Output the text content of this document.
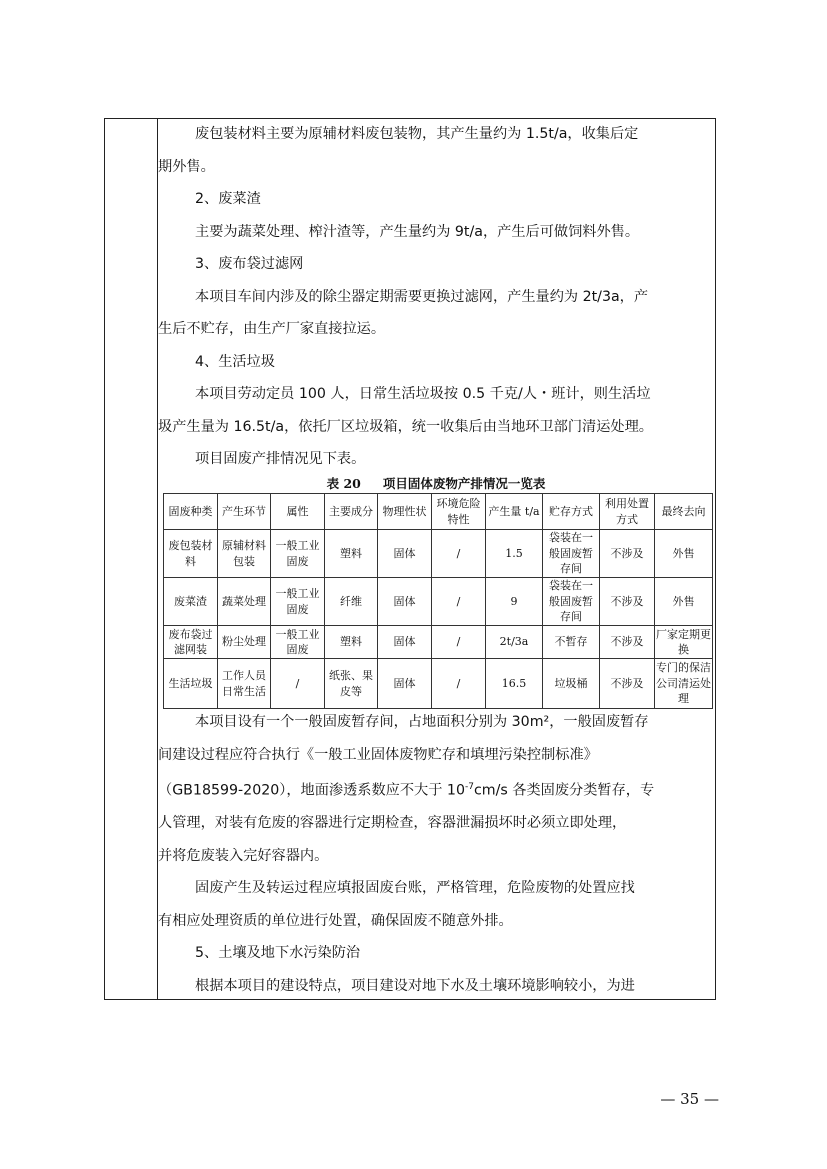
废包装材料主要为原辅材料废包装物，其产生量约为 1.5t/a，收集后定

期外售。

2、废菜渣

主要为蔬菜处理、榨汁渣等，产生量约为 9t/a，产生后可做饲料外售。

3、废布袋过滤网

本项目车间内涉及的除尘器定期需要更换过滤网，产生量约为 2t/3a，产

生后不贮存，由生产厂家直接拉运。

4、生活垃圾

本项目劳动定员 100 人，日常生活垃圾按 0.5 千克/人・班计，则生活垃

圾产生量为 16.5t/a，依托厂区垃圾箱，统一收集后由当地环卫部门清运处理。

项目固废产排情况见下表。

表 20 项目固体废物产排情况一览表
固废种类	产生环节	属性	主要成分	物理性状	环境危险特性	产生量 t/a	贮存方式	利用处置方式	最终去向
废包装材料	原辅材料包装	一般工业固废	塑料	固体	/	1.5	袋装在一般固废暂存间	不涉及	外售
废菜渣	蔬菜处理	一般工业固废	纤维	固体	/	9	袋装在一般固废暂存间	不涉及	外售
废布袋过滤网装	粉尘处理	一般工业固废	塑料	固体	/	2t/3a	不暂存	不涉及	厂家定期更换
生活垃圾	工作人员日常生活	/	纸张、果皮等	固体	/	16.5	垃圾桶	不涉及	专门的保洁公司清运处理

本项目设有一个一般固废暂存间，占地面积分别为 30m²，一般固废暂存

间建设过程应符合执行《一般工业固体废物贮存和填埋污染控制标准》

（GB18599-2020），地面渗透系数应不大于 $10^{-7}cm/s$ 各类固废分类暂存，专

人管理，对装有危废的容器进行定期检查，容器泄漏损坏时必须立即处理，

并将危废装入完好容器内。

固废产生及转运过程应填报固废台账，严格管理，危险废物的处置应找

有相应处理资质的单位进行处置，确保固废不随意外排。

5、土壤及地下水污染防治

根据本项目的建设特点，项目建设对地下水及土壤环境影响较小，为进

— 35 —
